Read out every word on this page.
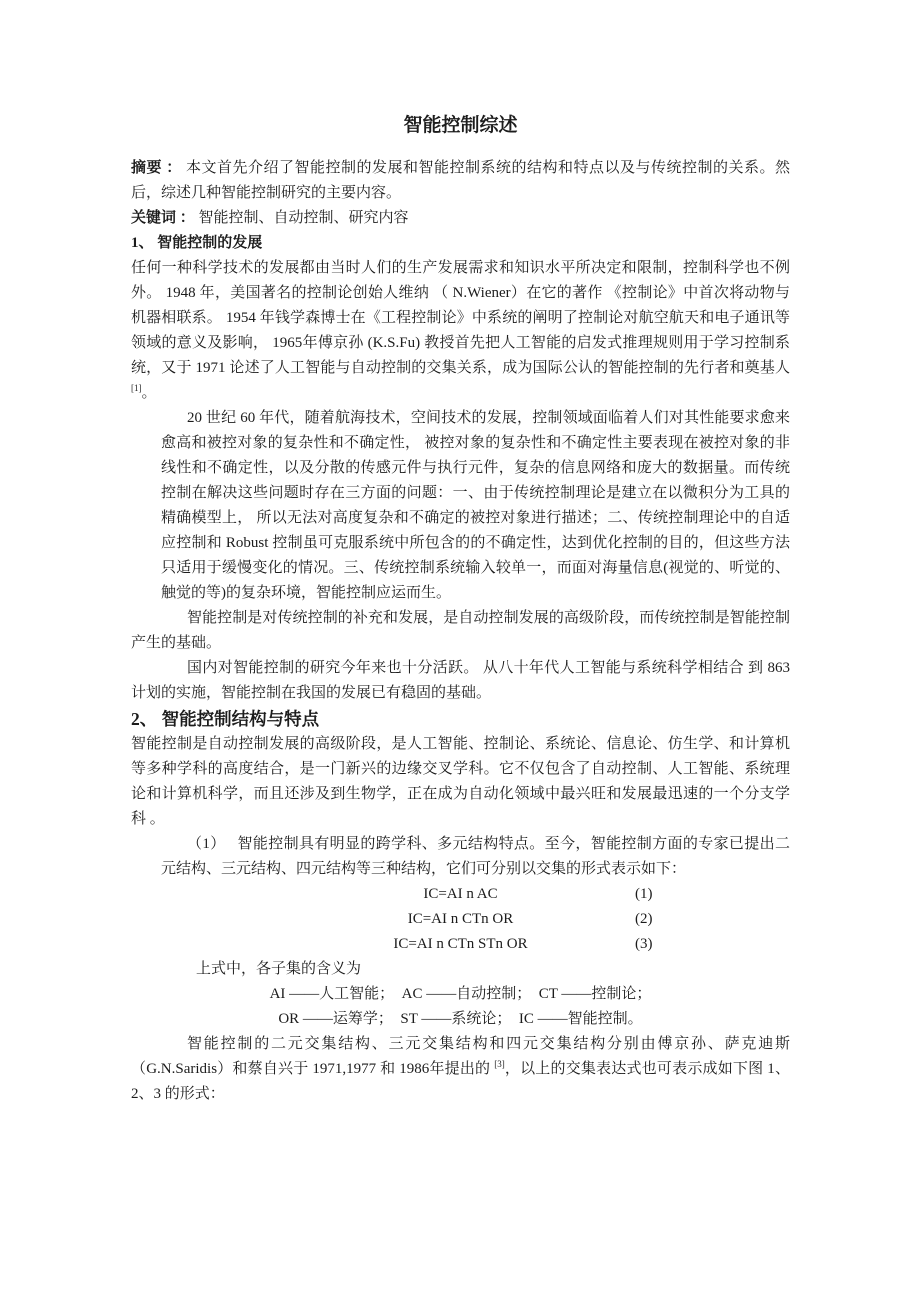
智能控制综述

摘要 ： 本文首先介绍了智能控制的发展和智能控制系统的结构和特点以及与传统控制的关系。然后，综述几种智能控制研究的主要内容。

关键词 ： 智能控制、自动控制、研究内容

1、 智能控制的发展

任何一种科学技术的发展都由当时人们的生产发展需求和知识水平所决定和限制，控制科学也不例外。 1948 年，美国著名的控制论创始人维纳 （ N.Wiener）在它的著作 《控制论》中首次将动物与机器相联系。 1954 年钱学森博士在《工程控制论》中系统的阐明了控制论对航空航天和电子通讯等领域的意义及影响， 1965年傅京孙 (K.S.Fu) 教授首先把人工智能的启发式推理规则用于学习控制系统，又于 1971 论述了人工智能与自动控制的交集关系，成为国际公认的智能控制的先行者和奠基人 [1]。

20 世纪 60 年代，随着航海技术，空间技术的发展，控制领域面临着人们对其性能要求愈来愈高和被控对象的复杂性和不确定性， 被控对象的复杂性和不确定性主要表现在被控对象的非线性和不确定性，以及分散的传感元件与执行元件，复杂的信息网络和庞大的数据量。而传统控制在解决这些问题时存在三方面的问题：一、由于传统控制理论是建立在以微积分为工具的精确模型上， 所以无法对高度复杂和不确定的被控对象进行描述；二、传统控制理论中的自适应控制和 Robust 控制虽可克服系统中所包含的的不确定性，达到优化控制的目的，但这些方法只适用于缓慢变化的情况。三、传统控制系统输入较单一，而面对海量信息(视觉的、听觉的、触觉的等)的复杂环境，智能控制应运而生。

智能控制是对传统控制的补充和发展，是自动控制发展的高级阶段，而传统控制是智能控制产生的基础。

国内对智能控制的研究今年来也十分活跃。 从八十年代人工智能与系统科学相结合 到 863 计划的实施，智能控制在我国的发展已有稳固的基础。

2、 智能控制结构与特点

智能控制是自动控制发展的高级阶段，是人工智能、控制论、系统论、信息论、仿生学、和计算机等多种学科的高度结合，是一门新兴的边缘交叉学科。它不仅包含了自动控制、人工智能、系统理论和计算机科学，而且还涉及到生物学，正在成为自动化领域中最兴旺和发展最迅速的一个分支学科 。

（1）　 智能控制具有明显的跨学科、多元结构特点。至今，智能控制方面的专家已提出二元结构、三元结构、四元结构等三种结构，它们可分别以交集的形式表示如下：

IC=AI n AC	(1)
IC=AI n CTn OR	(2)
IC=AI n CTn STn OR	(3)

上式中，各子集的含义为

AI ——人工智能；　AC ——自动控制；　CT ——控制论；

OR ——运筹学；　ST ——系统论；　IC ——智能控制。

智能控制的二元交集结构、三元交集结构和四元交集结构分别由傅京孙、萨克迪斯（G.N.Saridis）和蔡自兴于 1971,1977 和 1986年提出的 [3]，以上的交集表达式也可表示成如下图 1、2、3 的形式：
